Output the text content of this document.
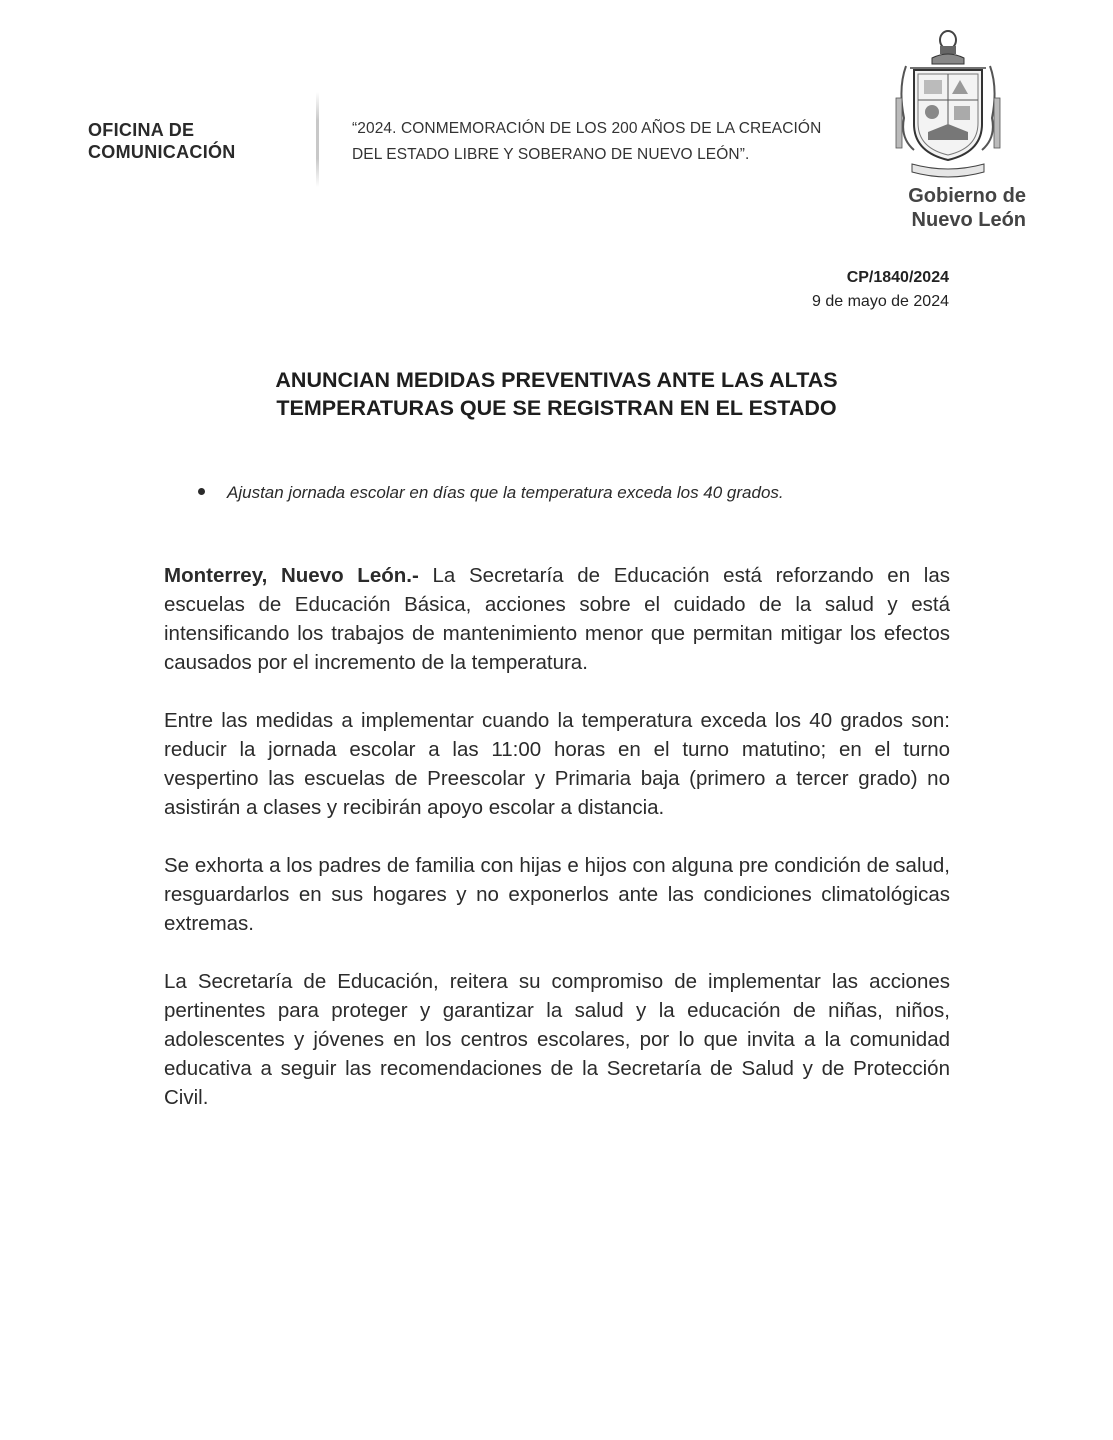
OFICINA DE
COMUNICACIÓN
“2024. CONMEMORACIÓN DE LOS 200 AÑOS DE LA CREACIÓN
DEL ESTADO LIBRE Y SOBERANO DE NUEVO LEÓN”.
Gobierno de
Nuevo León
CP/1840/2024
9 de mayo de 2024
ANUNCIAN MEDIDAS PREVENTIVAS ANTE LAS ALTAS
TEMPERATURAS QUE SE REGISTRAN EN EL ESTADO
Ajustan jornada escolar en días que la temperatura exceda los 40 grados.

Monterrey, Nuevo León.- La Secretaría de Educación está reforzando en las escuelas de Educación Básica, acciones sobre el cuidado de la salud y está intensificando los trabajos de mantenimiento menor que permitan mitigar los efectos causados por el incremento de la temperatura.

Entre las medidas a implementar cuando la temperatura exceda los 40 grados son: reducir la jornada escolar a las 11:00 horas en el turno matutino; en el turno vespertino las escuelas de Preescolar y Primaria baja (primero a tercer grado) no asistirán a clases y recibirán apoyo escolar a distancia.

Se exhorta a los padres de familia con hijas e hijos con alguna pre condición de salud, resguardarlos en sus hogares y no exponerlos ante las condiciones climatológicas extremas.

La Secretaría de Educación, reitera su compromiso de implementar las acciones pertinentes para proteger y garantizar la salud y la educación de niñas, niños, adolescentes y jóvenes en los centros escolares, por lo que invita a la comunidad educativa a seguir las recomendaciones de la Secretaría de Salud y de Protección Civil.
